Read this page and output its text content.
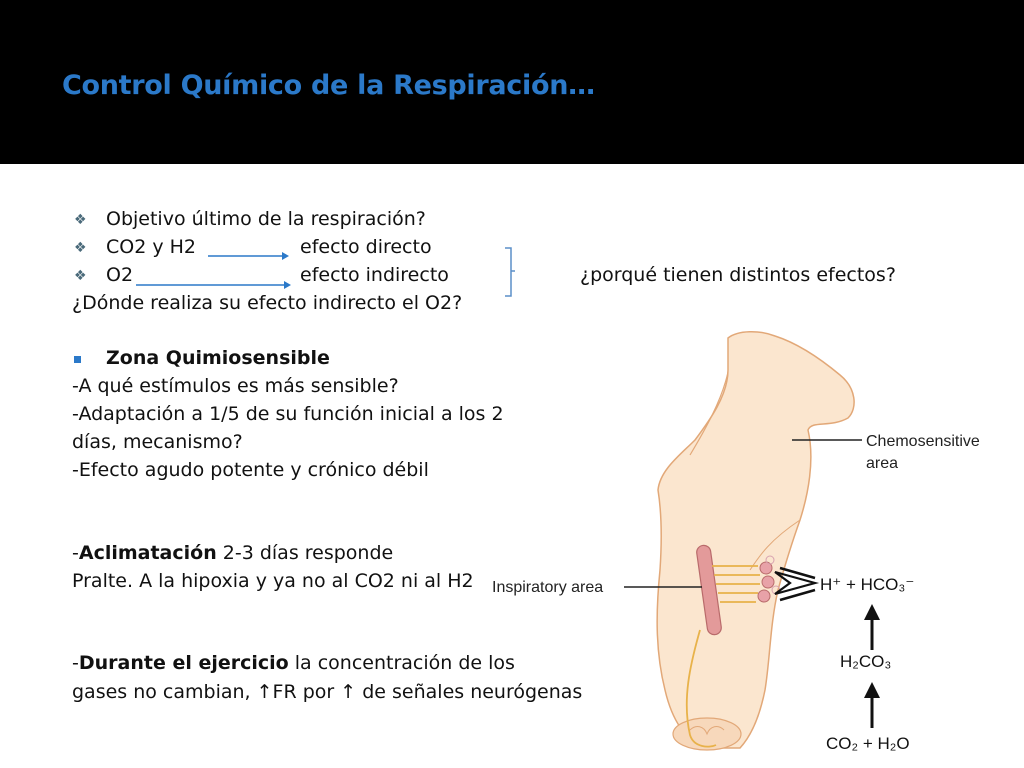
Control Químico de la Respiración…
❖ Objetivo último de la respiración?
❖ CO2 y H2	efecto directo
❖ O2	efecto indirecto	¿porqué tienen distintos efectos?
¿Dónde realiza su efecto indirecto el O2?
Zona Quimiosensible
-A qué estímulos es más sensible?
-Adaptación a 1/5 de su función inicial a los 2
días, mecanismo?
-Efecto agudo potente y crónico débil
-Aclimatación 2-3 días responde
Pralte. A la hipoxia y ya no al CO2 ni al H2
-Durante el ejercicio la concentración de los
gases no cambian, ↑FR por ↑ de señales neurógenas
Chemosensitive
area
Inspiratory area	H⁺ + HCO₃⁻
H₂CO₃
CO₂ + H₂O
